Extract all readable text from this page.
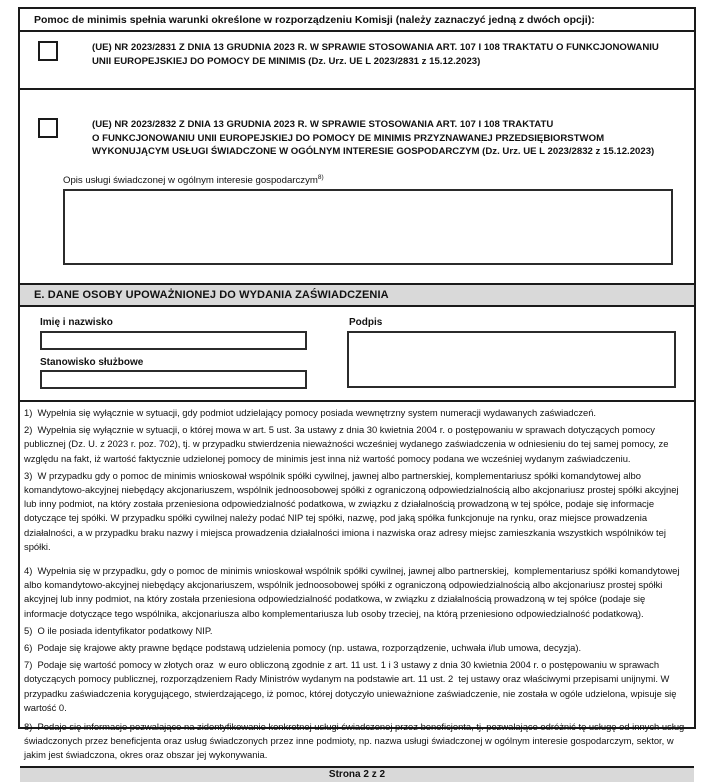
Pomoc de minimis spełnia warunki określone w rozporządzeniu Komisji (należy zaznaczyć jedną z dwóch opcji):
(UE) NR 2023/2831 Z DNIA 13 GRUDNIA 2023 R. W SPRAWIE STOSOWANIA ART. 107 I 108 TRAKTATU O FUNKCJONOWANIU
UNII EUROPEJSKIEJ DO POMOCY DE MINIMIS (Dz. Urz. UE L 2023/2831 z 15.12.2023)
(UE) NR 2023/2832 Z DNIA 13 GRUDNIA 2023 R. W SPRAWIE STOSOWANIA ART. 107 I 108 TRAKTATU
O FUNKCJONOWANIU UNII EUROPEJSKIEJ DO POMOCY DE MINIMIS PRZYZNAWANEJ PRZEDSIĘBIORSTWOM
WYKONUJĄCYM USŁUGI ŚWIADCZONE W OGÓLNYM INTERESIE GOSPODARCZYM (Dz. Urz. UE L 2023/2832 z 15.12.2023)
Opis usługi świadczonej w ogólnym interesie gospodarczym$^{8)}$
E. DANE OSOBY UPOWAŻNIONEJ DO WYDANIA ZAŚWIADCZENIA
Imię i nazwisko
Stanowisko służbowe
Podpis

1)  Wypełnia się wyłącznie w sytuacji, gdy podmiot udzielający pomocy posiada wewnętrzny system numeracji wydawanych zaświadczeń.

2)  Wypełnia się wyłącznie w sytuacji, o której mowa w art. 5 ust. 3a ustawy z dnia 30 kwietnia 2004 r. o postępowaniu w sprawach dotyczących pomocy publicznej (Dz. U. z 2023 r. poz. 702), tj. w przypadku stwierdzenia nieważności wcześniej wydanego zaświadczenia w odniesieniu do tej samej pomocy, ze względu na fakt, iż wartość faktycznie udzielonej pomocy de minimis jest inna niż wartość pomocy podana we wcześniej wydanym zaświadczeniu.

3)  W przypadku gdy o pomoc de minimis wnioskował wspólnik spółki cywilnej, jawnej albo partnerskiej, komplementariusz spółki komandytowej albo komandytowo-akcyjnej niebędący akcjonariuszem, wspólnik jednoosobowej spółki z ograniczoną odpowiedzialnością albo akcjonariusz prostej spółki akcyjnej lub inny podmiot, na który została przeniesiona odpowiedzialność podatkowa, w związku z działalnością prowadzoną w tej spółce, podaje się informacje dotyczące tej spółki. W przypadku spółki cywilnej należy podać NIP tej spółki, nazwę, pod jaką spółka funkcjonuje na rynku, oraz miejsce prowadzenia działalności, a w przypadku braku nazwy i miejsca prowadzenia działalności imiona i nazwiska oraz adresy miejsc zamieszkania wszystkich wspólników tej spółki.

4)  Wypełnia się w przypadku, gdy o pomoc de minimis wnioskował wspólnik spółki cywilnej, jawnej albo partnerskiej,  komplementariusz spółki komandytowej albo komandytowo-akcyjnej niebędący akcjonariuszem, wspólnik jednoosobowej spółki z ograniczoną odpowiedzialnością albo akcjonariusz prostej spółki akcyjnej lub inny podmiot, na który została przeniesiona odpowiedzialność podatkowa, w związku z działalnością prowadzoną w tej spółce (podaje się informacje dotyczące tego wspólnika, akcjonariusza albo komplementariusza lub osoby trzeciej, na którą przeniesiono odpowiedzialność podatkową).

5)  O ile posiada identyfikator podatkowy NIP.

6)  Podaje się krajowe akty prawne będące podstawą udzielenia pomocy (np. ustawa, rozporządzenie, uchwała i/lub umowa, decyzja).

7)  Podaje się wartość pomocy w złotych oraz  w euro obliczoną zgodnie z art. 11 ust. 1 i 3 ustawy z dnia 30 kwietnia 2004 r. o postępowaniu w sprawach dotyczących pomocy publicznej, rozporządzeniem Rady Ministrów wydanym na podstawie art. 11 ust. 2  tej ustawy oraz właściwymi przepisami unijnymi. W przypadku zaświadczenia korygującego, stwierdzającego, iż pomoc, której dotyczyło unieważnione zaświadczenie, nie została w ogóle udzielona, wpisuje się wartość 0.

8)  Podaje się informacje pozwalające na zidentyfikowanie konkretnej usługi świadczonej przez beneficjenta, tj. pozwalające odróżnić tę usługę od innych usług świadczonych przez beneficjenta oraz usług świadczonych przez inne podmioty, np. nazwa usługi świadczonej w ogólnym interesie gospodarczym, sektor, w jakim jest świadczona, okres oraz obszar jej wykonywania.

Strona 2 z 2
